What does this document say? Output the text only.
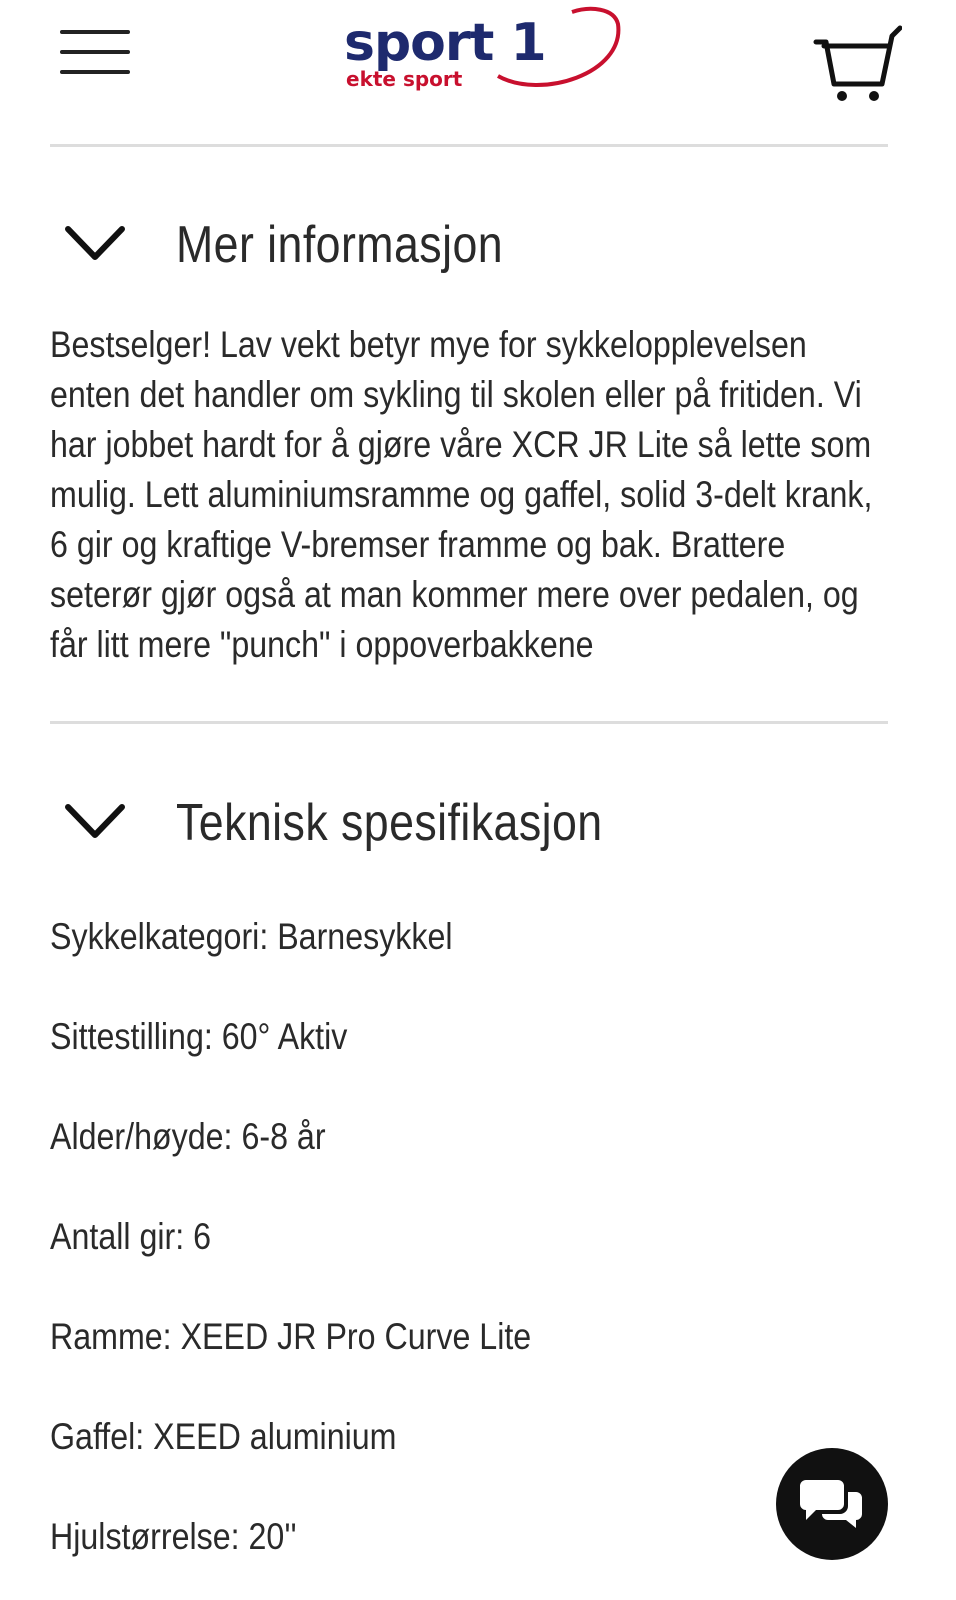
sport 1
ekte sport
Mer informasjon
Bestselger! Lav vekt betyr mye for sykkelopplevelsen enten det handler om sykling til skolen eller på fritiden. Vi har jobbet hardt for å gjøre våre XCR JR Lite så lette som mulig. Lett aluminiumsramme og gaffel, solid 3-delt krank, 6 gir og kraftige V-bremser framme og bak. Brattere seterør gjør også at man kommer mere over pedalen, og får litt mere "punch" i oppoverbakkene
Teknisk spesifikasjon
Sykkelkategori: Barnesykkel
Sittestilling: 60° Aktiv
Alder/høyde: 6-8 år
Antall gir: 6
Ramme: XEED JR Pro Curve Lite
Gaffel: XEED aluminium
Hjulstørrelse: 20''
